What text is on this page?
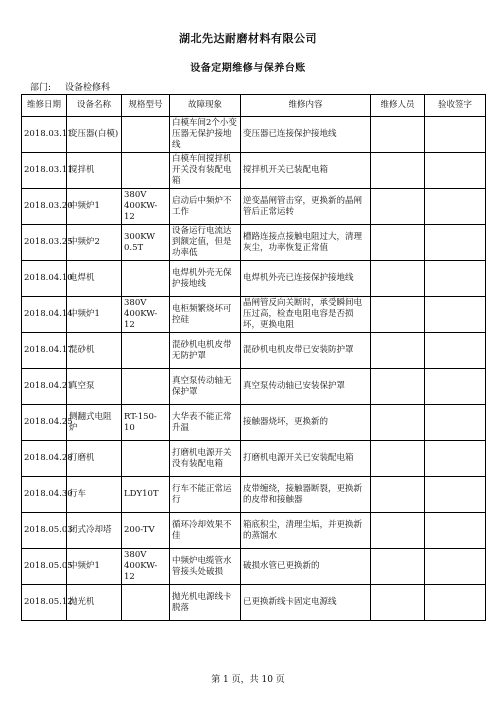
湖北先达耐磨材料有限公司
设备定期维修与保养台账
部门: 设备检修科
维修日期	设备名称	规格型号	故障现象	维修内容	维修人员	验收签字
2018.03.11	变压器(白模)		白模车间2个小变压器无保护接地线	变压器已连接保护接地线		
2018.03.11	搅拌机		白模车间搅拌机开关没有装配电箱	搅拌机开关已装配电箱		
2018.03.20	中频炉1	380V 400KW-12	启动后中频炉不工作	逆变晶闸管击穿，更换新的晶闸管后正常运转		
2018.03.25	中频炉2	300KW 0.5T	设备运行电流达到额定值，但是功率低	槽路连接点接触电阻过大，清理灰尘，功率恢复正常值		
2018.04.10	电焊机		电焊机外壳无保护接地线	电焊机外壳已连接保护接地线		
2018.04.14	中频炉1	380V 400KW-12	电柜频繁烧坏可控硅	晶闸管反向关断时，承受瞬间电压过高，检查电阻电容是否损坏，更换电阻		
2018.04.17	混砂机		混砂机电机皮带无防护罩	混砂机电机皮带已安装防护罩		
2018.04.21	真空泵		真空泵传动轴无保护罩	真空泵传动轴已安装保护罩		
2018.04.25	侧翻式电阻炉	RT-150-10	大华表不能正常升温	接触器烧坏，更换新的		
2018.04.28	打磨机		打磨机电源开关没有装配电箱	打磨机电源开关已安装配电箱		
2018.04.30	行车	LDY10T	行车不能正常运行	皮带缠绕，接触器断裂，更换新的皮带和接触器		
2018.05.03	闭式冷却塔	200-TV	循环冷却效果不佳	箱底积尘，清理尘垢，并更换新的蒸馏水		
2018.05.05	中频炉1	380V 400KW-12	中频炉电缆管水管接头处破损	破损水管已更换新的		
2018.05.12	抛光机		抛光机电源线卡脱落	已更换新线卡固定电源线		
第 1 页，共 10 页
